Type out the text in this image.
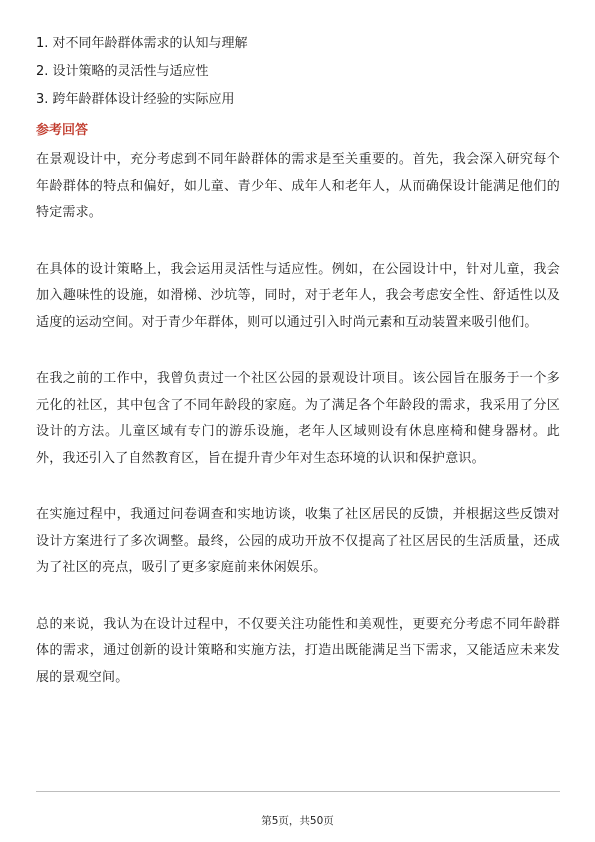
1. 对不同年龄群体需求的认知与理解
2. 设计策略的灵活性与适应性
3. 跨年龄群体设计经验的实际应用
参考回答

在景观设计中，充分考虑到不同年龄群体的需求是至关重要的。首先，我会深入研究每个年龄群体的特点和偏好，如儿童、青少年、成年人和老年人，从而确保设计能满足他们的特定需求。

在具体的设计策略上，我会运用灵活性与适应性。例如，在公园设计中，针对儿童，我会加入趣味性的设施，如滑梯、沙坑等，同时，对于老年人，我会考虑安全性、舒适性以及适度的运动空间。对于青少年群体，则可以通过引入时尚元素和互动装置来吸引他们。

在我之前的工作中，我曾负责过一个社区公园的景观设计项目。该公园旨在服务于一个多元化的社区，其中包含了不同年龄段的家庭。为了满足各个年龄段的需求，我采用了分区设计的方法。儿童区域有专门的游乐设施，老年人区域则设有休息座椅和健身器材。此外，我还引入了自然教育区，旨在提升青少年对生态环境的认识和保护意识。

在实施过程中，我通过问卷调查和实地访谈，收集了社区居民的反馈，并根据这些反馈对设计方案进行了多次调整。最终，公园的成功开放不仅提高了社区居民的生活质量，还成为了社区的亮点，吸引了更多家庭前来休闲娱乐。

总的来说，我认为在设计过程中，不仅要关注功能性和美观性，更要充分考虑不同年龄群体的需求，通过创新的设计策略和实施方法，打造出既能满足当下需求，又能适应未来发展的景观空间。

第5页，共50页
